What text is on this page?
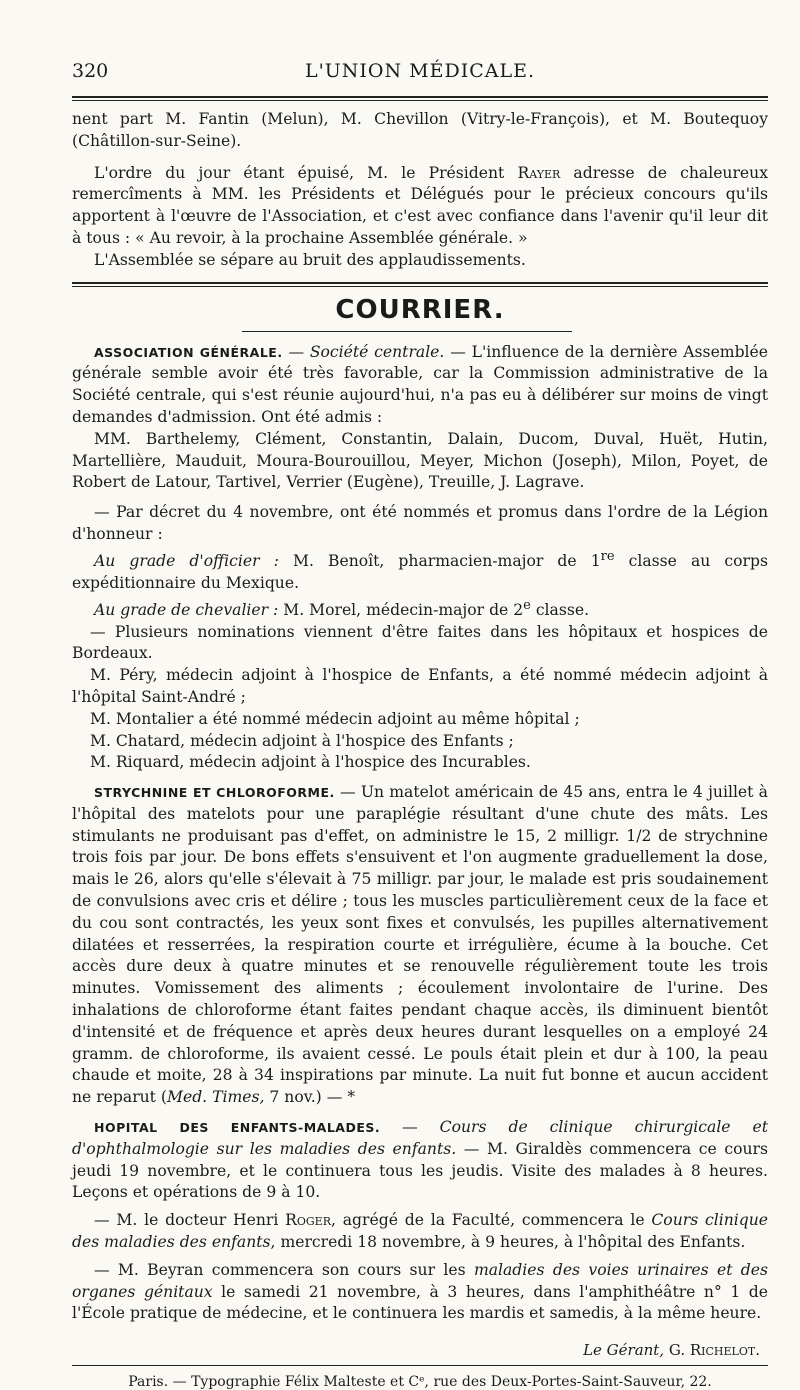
320	L'UNION MÉDICALE.

nent part M. Fantin (Melun), M. Chevillon (Vitry-le-François), et M. Boutequoy (Châtillon-sur-Seine).

L'ordre du jour étant épuisé, M. le Président Rayer adresse de chaleureux remercîments à MM. les Présidents et Délégués pour le précieux concours qu'ils apportent à l'œuvre de l'Association, et c'est avec confiance dans l'avenir qu'il leur dit à tous : « Au revoir, à la prochaine Assemblée générale. »

L'Assemblée se sépare au bruit des applaudissements.

COURRIER.

ASSOCIATION GÉNÉRALE. — Société centrale. — L'influence de la dernière Assemblée générale semble avoir été très favorable, car la Commission administrative de la Société centrale, qui s'est réunie aujourd'hui, n'a pas eu à délibérer sur moins de vingt demandes d'admission. Ont été admis :

MM. Barthelemy, Clément, Constantin, Dalain, Ducom, Duval, Huët, Hutin, Martellière, Mauduit, Moura-Bourouillou, Meyer, Michon (Joseph), Milon, Poyet, de Robert de Latour, Tartivel, Verrier (Eugène), Treuille, J. Lagrave.

— Par décret du 4 novembre, ont été nommés et promus dans l'ordre de la Légion d'honneur :

Au grade d'officier : M. Benoît, pharmacien-major de 1re classe au corps expéditionnaire du Mexique.

Au grade de chevalier : M. Morel, médecin-major de 2e classe.

— Plusieurs nominations viennent d'être faites dans les hôpitaux et hospices de Bordeaux.

M. Péry, médecin adjoint à l'hospice de Enfants, a été nommé médecin adjoint à l'hôpital Saint-André ;

M. Montalier a été nommé médecin adjoint au même hôpital ;

M. Chatard, médecin adjoint à l'hospice des Enfants ;

M. Riquard, médecin adjoint à l'hospice des Incurables.

STRYCHNINE ET CHLOROFORME. — Un matelot américain de 45 ans, entra le 4 juillet à l'hôpital des matelots pour une paraplégie résultant d'une chute des mâts. Les stimulants ne produisant pas d'effet, on administre le 15, 2 milligr. 1/2 de strychnine trois fois par jour. De bons effets s'ensuivent et l'on augmente graduellement la dose, mais le 26, alors qu'elle s'élevait à 75 milligr. par jour, le malade est pris soudainement de convulsions avec cris et délire ; tous les muscles particulièrement ceux de la face et du cou sont contractés, les yeux sont fixes et convulsés, les pupilles alternativement dilatées et resserrées, la respiration courte et irrégulière, écume à la bouche. Cet accès dure deux à quatre minutes et se renouvelle régulièrement toute les trois minutes. Vomissement des aliments ; écoulement involontaire de l'urine. Des inhalations de chloroforme étant faites pendant chaque accès, ils diminuent bientôt d'intensité et de fréquence et après deux heures durant lesquelles on a employé 24 gramm. de chloroforme, ils avaient cessé. Le pouls était plein et dur à 100, la peau chaude et moite, 28 à 34 inspirations par minute. La nuit fut bonne et aucun accident ne reparut (Med. Times, 7 nov.) — *

HOPITAL DES ENFANTS-MALADES. — Cours de clinique chirurgicale et d'ophthalmologie sur les maladies des enfants. — M. Giraldès commencera ce cours jeudi 19 novembre, et le continuera tous les jeudis. Visite des malades à 8 heures. Leçons et opérations de 9 à 10.

— M. le docteur Henri Roger, agrégé de la Faculté, commencera le Cours clinique des maladies des enfants, mercredi 18 novembre, à 9 heures, à l'hôpital des Enfants.

— M. Beyran commencera son cours sur les maladies des voies urinaires et des organes génitaux le samedi 21 novembre, à 3 heures, dans l'amphithéâtre n° 1 de l'École pratique de médecine, et le continuera les mardis et samedis, à la même heure.

Le Gérant, G. Richelot.
Paris. — Typographie Félix Malteste et Cᵉ, rue des Deux-Portes-Saint-Sauveur, 22.
